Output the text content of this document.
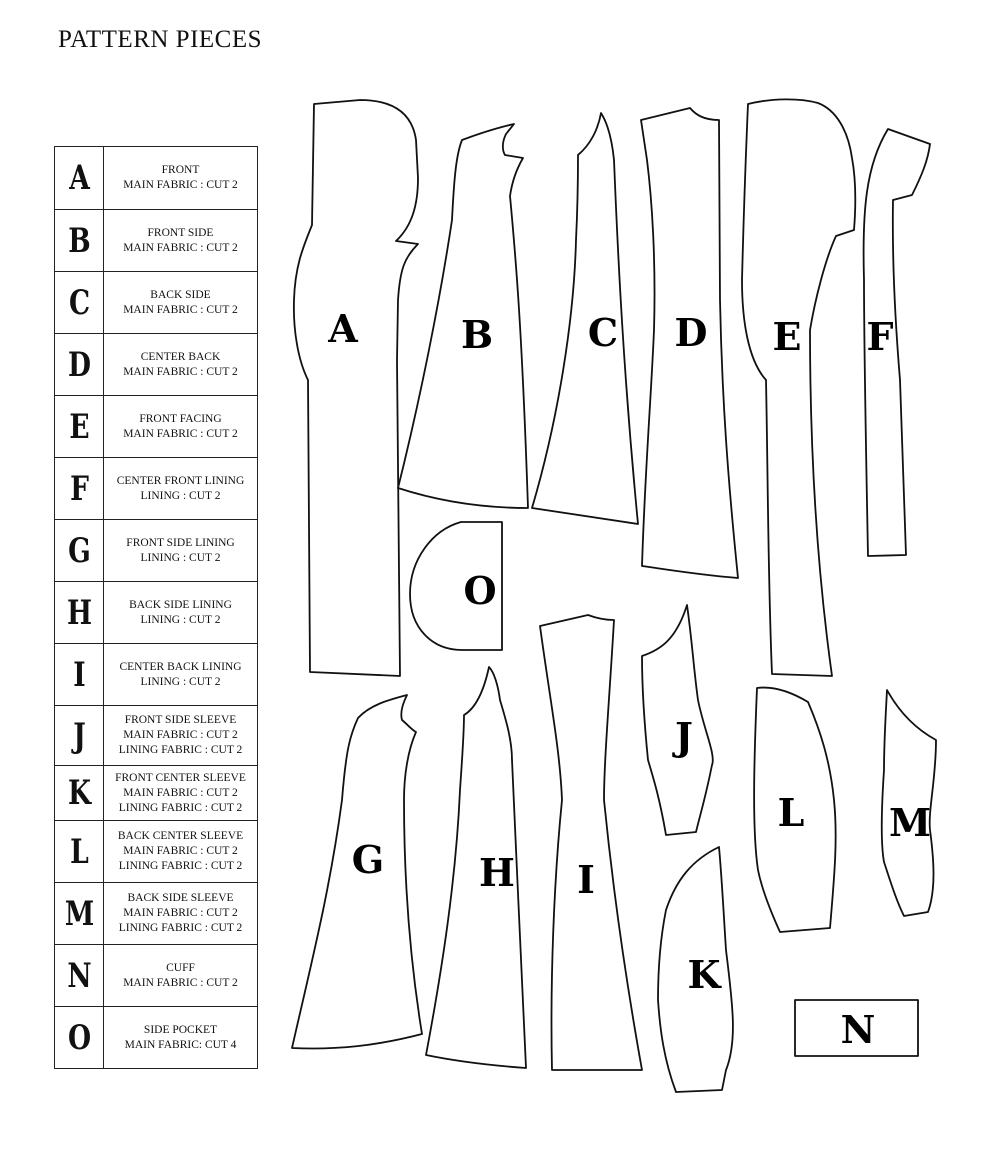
PATTERN PIECES
A	FRONT
MAIN FABRIC : CUT 2

B	FRONT SIDE
MAIN FABRIC : CUT 2

C	BACK SIDE
MAIN FABRIC : CUT 2

D	CENTER BACK
MAIN FABRIC : CUT 2

E	FRONT FACING
MAIN FABRIC : CUT 2

F	CENTER FRONT LINING
LINING : CUT 2

G	FRONT SIDE LINING
LINING : CUT 2

H	BACK SIDE LINING
LINING : CUT 2

I	CENTER BACK LINING
LINING : CUT 2

J	FRONT SIDE SLEEVE
MAIN FABRIC : CUT 2
LINING FABRIC : CUT 2

K	FRONT CENTER SLEEVE
MAIN FABRIC : CUT 2
LINING FABRIC : CUT 2

L	BACK CENTER SLEEVE
MAIN FABRIC : CUT 2
LINING FABRIC : CUT 2

M	BACK SIDE SLEEVE
MAIN FABRIC : CUT 2
LINING FABRIC : CUT 2

N	CUFF
MAIN FABRIC : CUT 2

O	SIDE POCKET
MAIN FABRIC: CUT 4
A	B C D E F
O
G H I
J
K
L M
N
